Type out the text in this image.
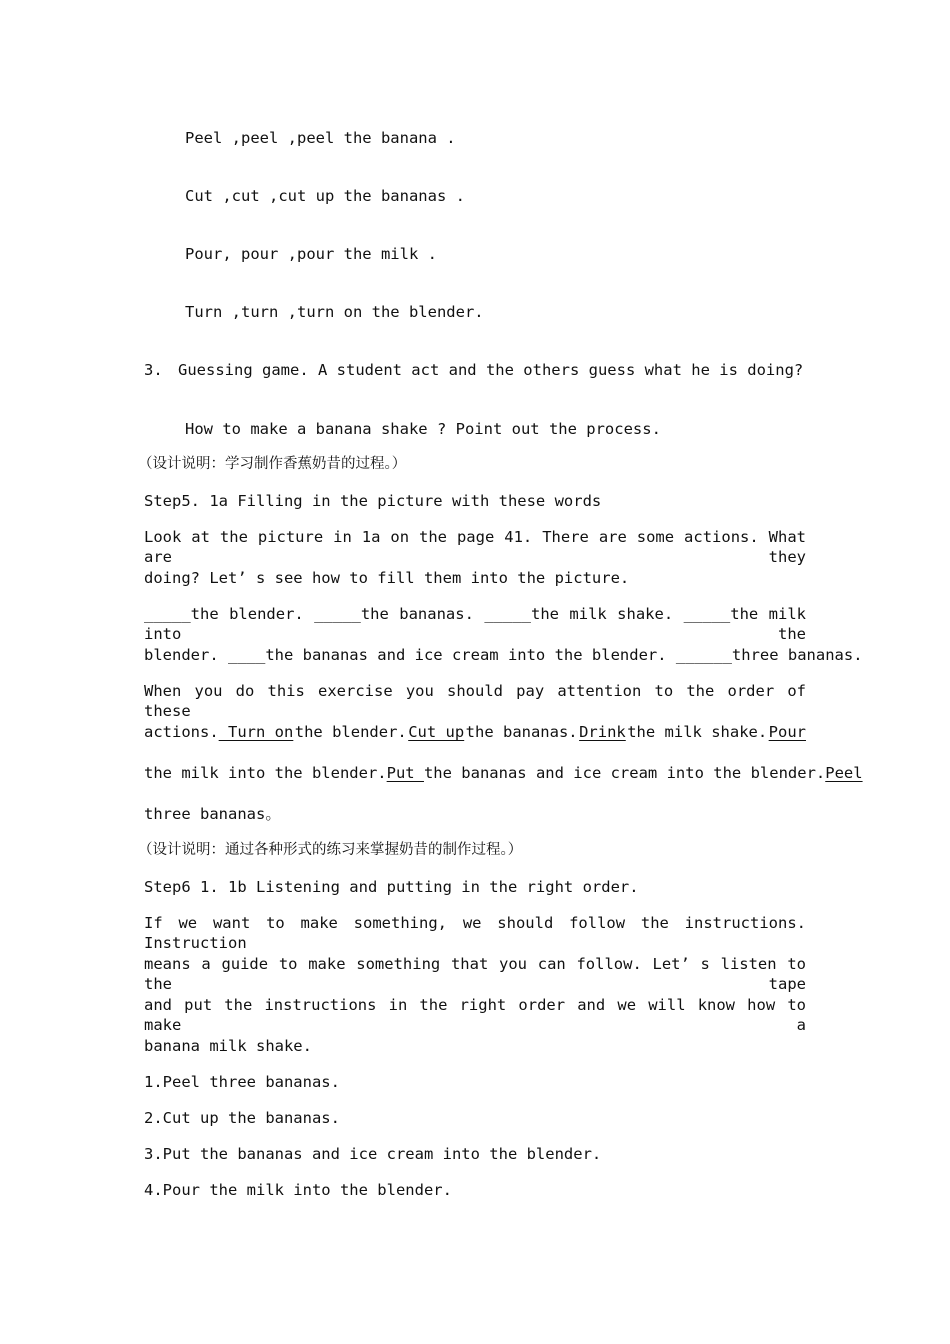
Peel ,peel ,peel the banana .
Cut ,cut ,cut up the bananas .
Pour, pour ,pour the milk .
Turn ,turn ,turn on the blender.
3. Guessing game. A student act and the others guess what he is doing?
How to make a banana shake ? Point out the process.
（设计说明：学习制作香蕉奶昔的过程。）
Step5. 1a Filling in the picture with these words
Look at the picture in 1a on the page 41. There are some actions. What are they
doing? Let’ s see how to fill them into the picture.
_____the blender. _____the bananas. _____the milk shake. _____the milk into the
blender. ____the bananas and ice cream into the blender. ______three bananas.
When you do this exercise you should pay attention to the order of these
actions. Turn on the blender. Cut up the bananas. Drink the milk shake. Pour
the milk into the blender. Put the bananas and ice cream into the blender. Peel
three bananas。
（设计说明：通过各种形式的练习来掌握奶昔的制作过程。）
Step6 1. 1b Listening and putting in the right order.
If we want to make something, we should follow the instructions. Instruction
means a guide to make something that you can follow. Let’ s listen to the tape
and put the instructions in the right order and we will know how to make a
banana milk shake.
1.Peel three bananas.
2.Cut up the bananas.
3.Put the bananas and ice cream into the blender.
4.Pour the milk into the blender.
